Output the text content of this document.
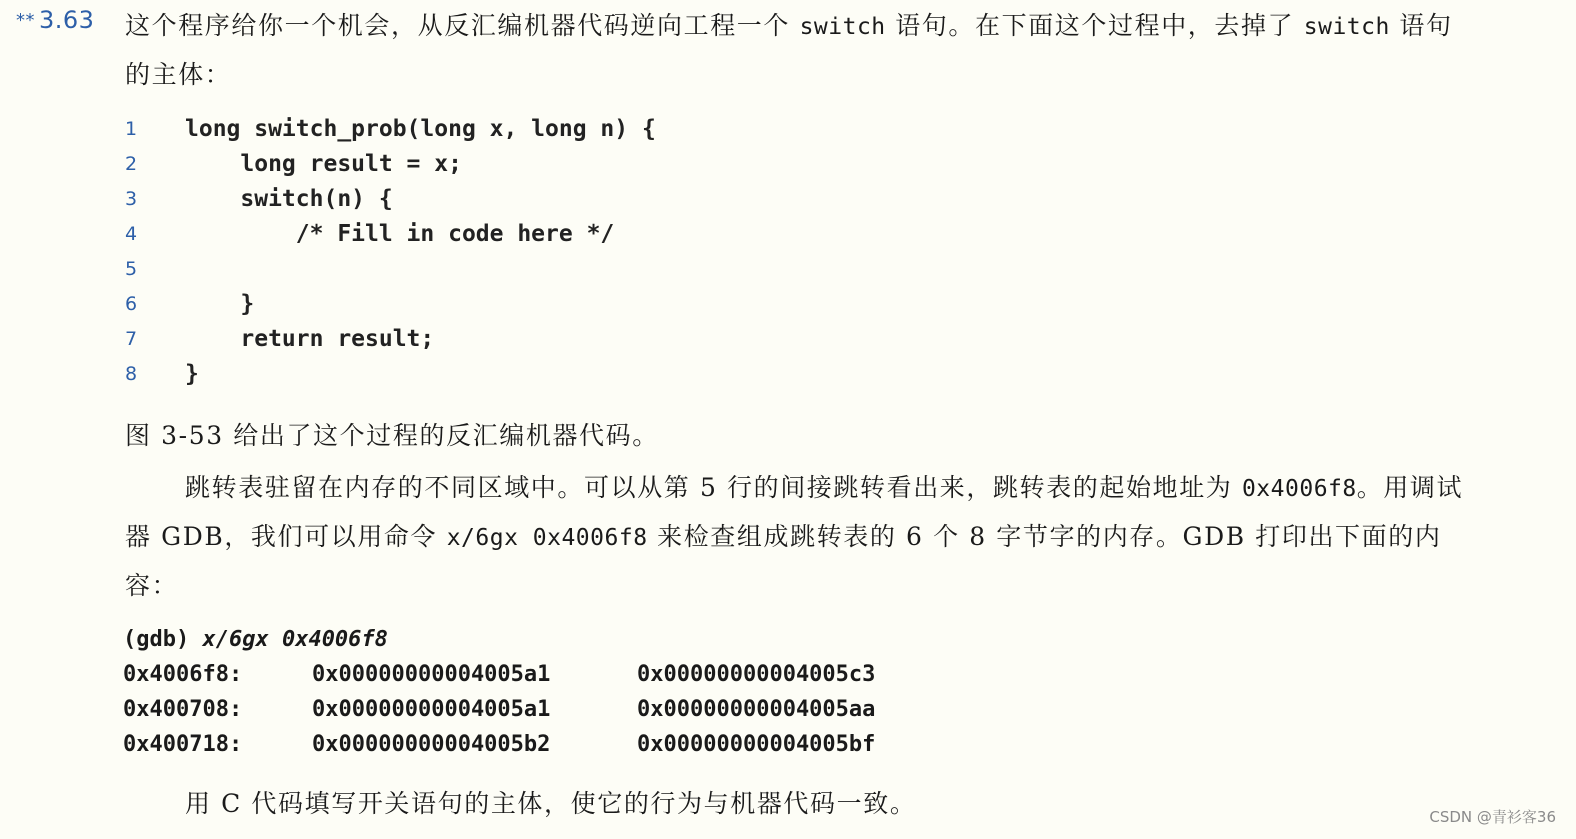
** 3.63 这个程序给你一个机会，从反汇编机器代码逆向工程一个 switch 语句。在下面这个过程中，去掉了 switch 语句的主体：

1	long switch_prob(long x, long n) {
2	long result = x;
3	switch(n) {
4	/* Fill in code here */
5
6	}
7	return result;
8	}

图 3-53 给出了这个过程的反汇编机器代码。

跳转表驻留在内存的不同区域中。可以从第 5 行的间接跳转看出来，跳转表的起始地址为 0x4006f8。用调试器 GDB，我们可以用命令 x/6gx 0x4006f8 来检查组成跳转表的 6 个 8 字节字的内存。GDB 打印出下面的内容：

(gdb) x/6gx 0x4006f8
0x4006f8:	0x00000000004005a1	0x00000000004005c3
0x400708:	0x00000000004005a1	0x00000000004005aa
0x400718:	0x00000000004005b2	0x00000000004005bf

用 C 代码填写开关语句的主体，使它的行为与机器代码一致。	CSDN @青衫客36
